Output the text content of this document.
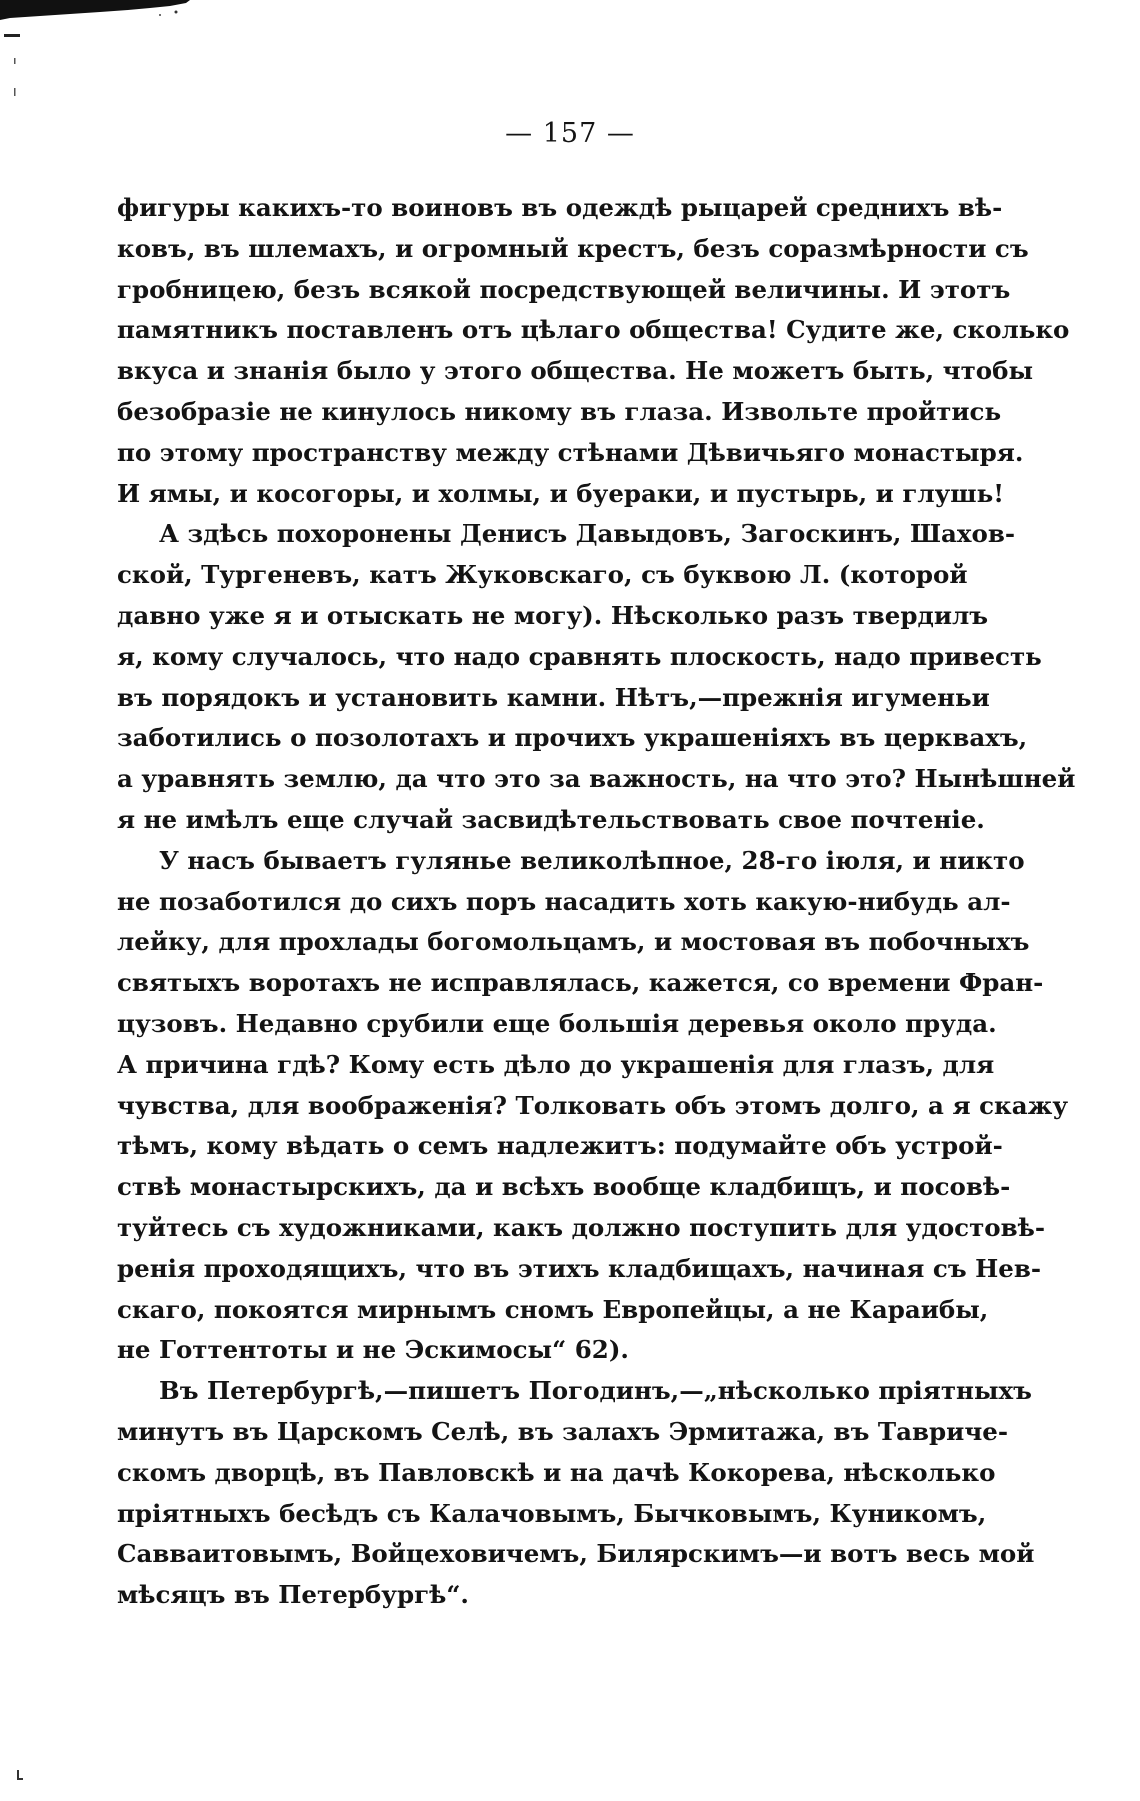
— 157 —
фигуры какихъ-то воиновъ въ одеждѣ рыцарей среднихъ вѣ-
ковъ, въ шлемахъ, и огромный крестъ, безъ соразмѣрности съ
гробницею, безъ всякой посредствующей величины. И этотъ
памятникъ поставленъ отъ цѣлаго общества! Судите же, сколько
вкуса и знанія было у этого общества. Не можетъ быть, чтобы
безобразіе не кинулось никому въ глаза. Извольте пройтись
по этому пространству между стѣнами Дѣвичьяго монастыря.
И ямы, и косогоры, и холмы, и буераки, и пустырь, и глушь!
А здѣсь похоронены Денисъ Давыдовъ, Загоскинъ, Шахов-
ской, Тургеневъ, катъ Жуковскаго, съ буквою Л. (которой
давно уже я и отыскать не могу). Нѣсколько разъ твердилъ
я, кому случалось, что надо сравнять плоскость, надо привесть
въ порядокъ и установить камни. Нѣтъ,—прежнія игуменьи
заботились о позолотахъ и прочихъ украшеніяхъ въ церквахъ,
а уравнять землю, да что это за важность, на что это? Нынѣшней
я не имѣлъ еще случай засвидѣтельствовать свое почтеніе.
У насъ бываетъ гулянье великолѣпное, 28-го іюля, и никто
не позаботился до сихъ поръ насадить хоть какую-нибудь ал-
лейку, для прохлады богомольцамъ, и мостовая въ побочныхъ
святыхъ воротахъ не исправлялась, кажется, со времени Фран-
цузовъ. Недавно срубили еще большія деревья около пруда.
А причина гдѣ? Кому есть дѣло до украшенія для глазъ, для
чувства, для воображенія? Толковать объ этомъ долго, а я скажу
тѣмъ, кому вѣдать о семъ надлежитъ: подумайте объ устрой-
ствѣ монастырскихъ, да и всѣхъ вообще кладбищъ, и посовѣ-
туйтесь съ художниками, какъ должно поступить для удостовѣ-
ренія проходящихъ, что въ этихъ кладбищахъ, начиная съ Нев-
скаго, покоятся мирнымъ сномъ Европейцы, а не Караибы,
не Готтентоты и не Эскимосы“ 62).
Въ Петербургѣ,—пишетъ Погодинъ,—„нѣсколько пріятныхъ
минутъ въ Царскомъ Селѣ, въ залахъ Эрмитажа, въ Тавриче-
скомъ дворцѣ, въ Павловскѣ и на дачѣ Кокорева, нѣсколько
пріятныхъ бесѣдъ съ Калачовымъ, Бычковымъ, Куникомъ,
Савваитовымъ, Войцеховичемъ, Билярскимъ—и вотъ весь мой
мѣсяцъ въ Петербургѣ“.
